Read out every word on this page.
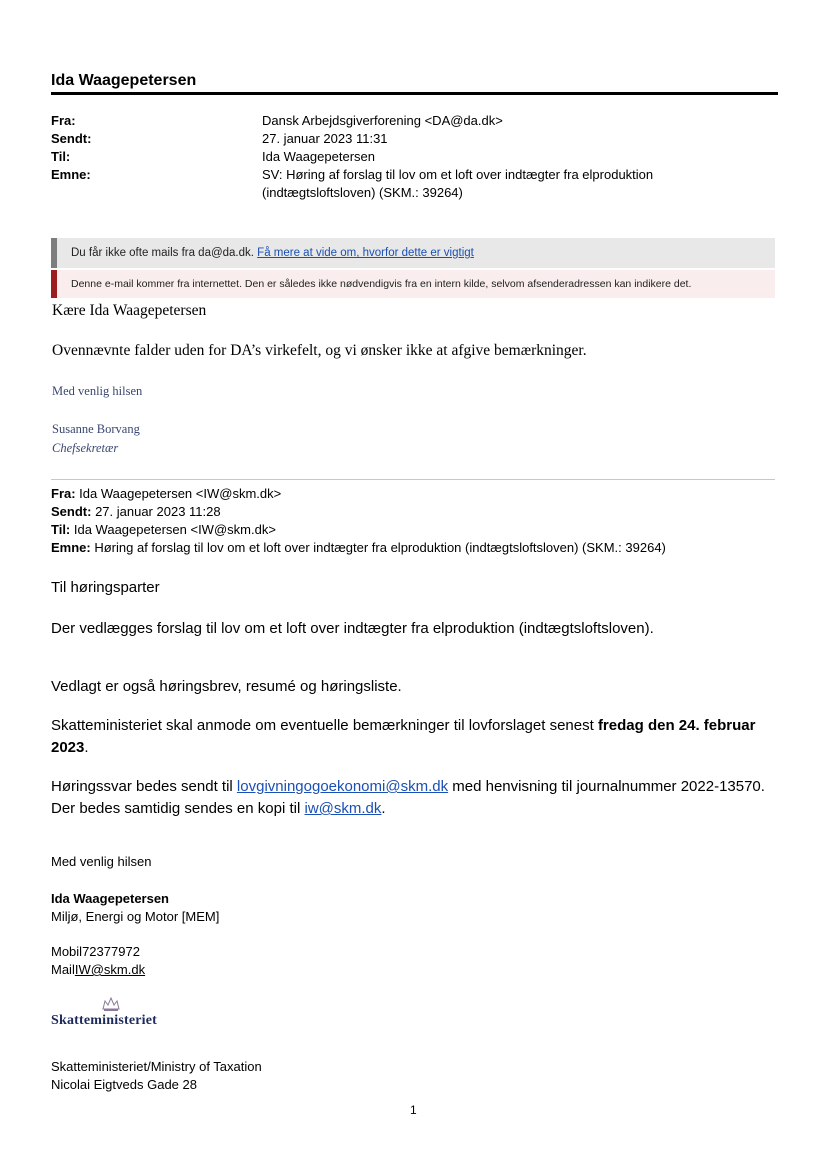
Ida Waagepetersen
Fra:	Dansk Arbejdsgiverforening <DA@da.dk>
Sendt:	27. januar 2023 11:31
Til:	Ida Waagepetersen
Emne:	SV: Høring af forslag til lov om et loft over indtægter fra elproduktion (indtægtsloftsloven) (SKM.: 39264)
Du får ikke ofte mails fra da@da.dk. Få mere at vide om, hvorfor dette er vigtigt
Denne e-mail kommer fra internettet. Den er således ikke nødvendigvis fra en intern kilde, selvom afsenderadressen kan indikere det.
Kære Ida Waagepetersen
Ovennævnte falder uden for DA’s virkefelt, og vi ønsker ikke at afgive bemærkninger.
Med venlig hilsen
Susanne Borvang
Chefsekretær
Fra: Ida Waagepetersen <IW@skm.dk>
Sendt: 27. januar 2023 11:28
Til: Ida Waagepetersen <IW@skm.dk>
Emne: Høring af forslag til lov om et loft over indtægter fra elproduktion (indtægtsloftsloven) (SKM.: 39264)
Til høringsparter
Der vedlægges forslag til lov om et loft over indtægter fra elproduktion (indtægtsloftsloven).
Vedlagt er også høringsbrev, resumé og høringsliste.
Skatteministeriet skal anmode om eventuelle bemærkninger til lovforslaget senest fredag den 24. februar 2023.
Høringssvar bedes sendt til lovgivningogoekonomi@skm.dk med henvisning til journalnummer 2022-13570. Der bedes samtidig sendes en kopi til iw@skm.dk.
Med venlig hilsen
Ida Waagepetersen
Miljø, Energi og Motor [MEM]
Mobil72377972
MailIW@skm.dk
Skatteministeriet
Skatteministeriet/Ministry of Taxation
Nicolai Eigtveds Gade 28
1
